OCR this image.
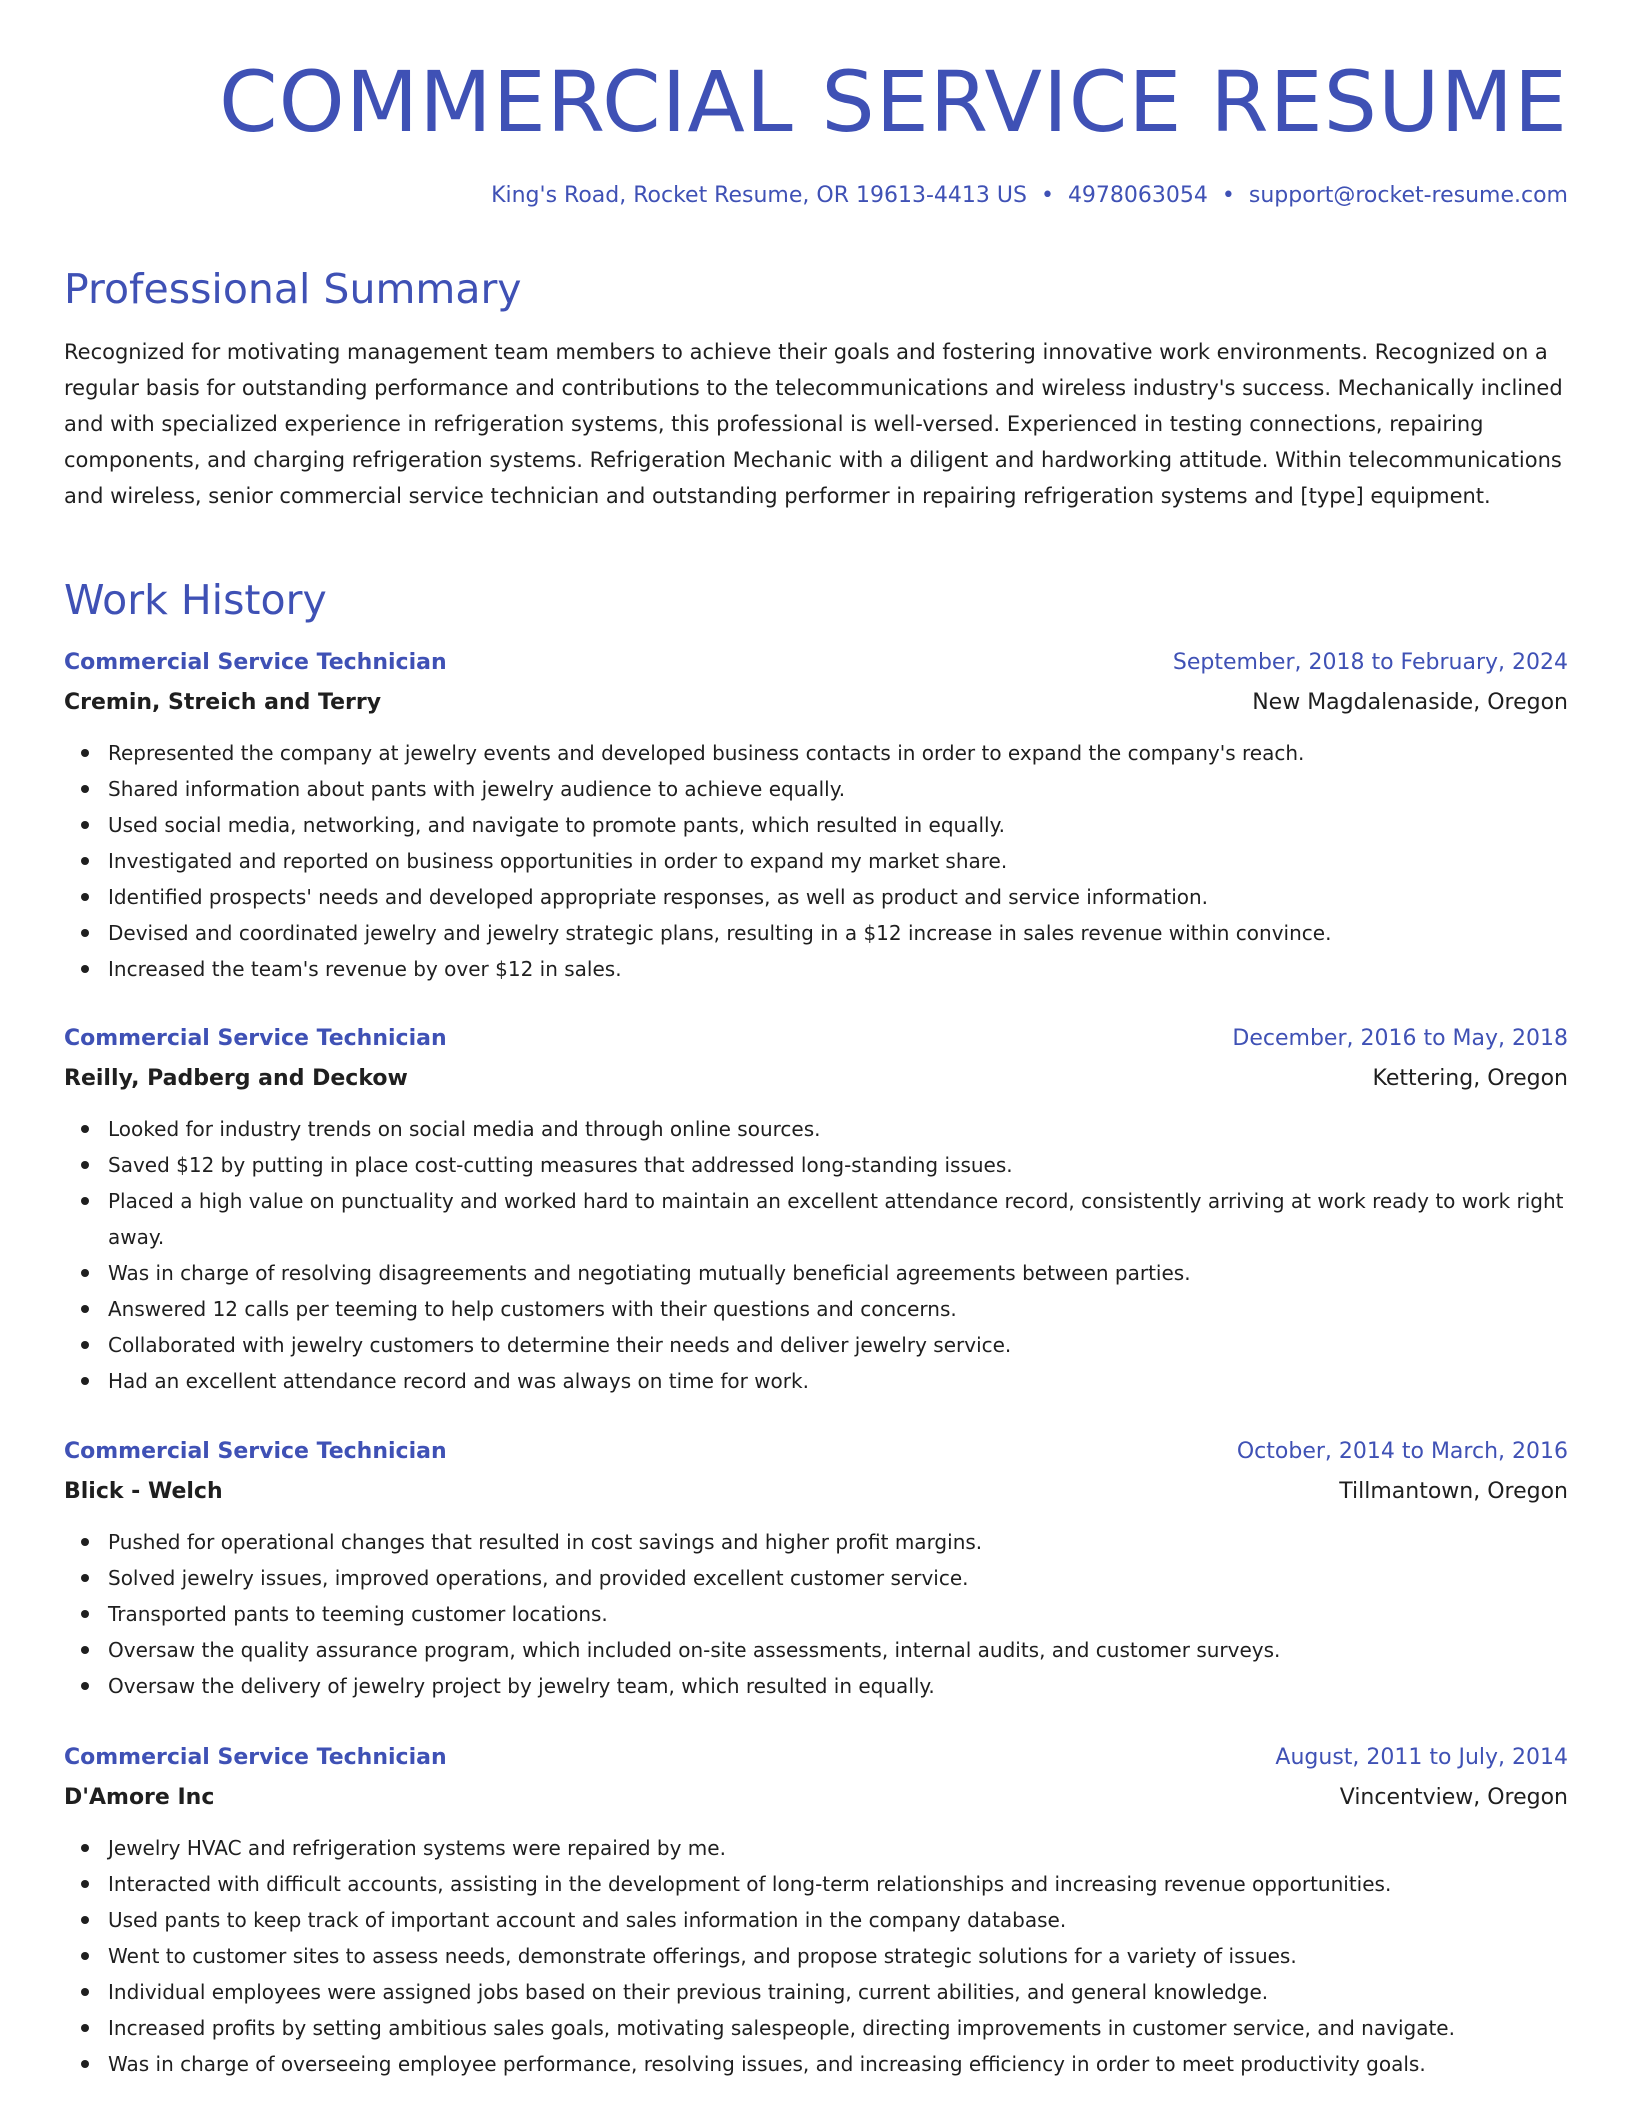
COMMERCIAL SERVICE RESUME
King's Road, Rocket Resume, OR 19613-4413 US • 4978063054 • support@rocket-resume.com
Professional Summary

Recognized for motivating management team members to achieve their goals and fostering innovative work environments. Recognized on a regular basis for outstanding performance and contributions to the telecommunications and wireless industry's success. Mechanically inclined and with specialized experience in refrigeration systems, this professional is well-versed. Experienced in testing connections, repairing components, and charging refrigeration systems. Refrigeration Mechanic with a diligent and hardworking attitude. Within telecommunications and wireless, senior commercial service technician and outstanding performer in repairing refrigeration systems and [type] equipment.

Work History
Commercial Service Technician	September, 2018 to February, 2024
Cremin, Streich and Terry	New Magdalenaside, Oregon
Represented the company at jewelry events and developed business contacts in order to expand the company's reach.
Shared information about pants with jewelry audience to achieve equally.
Used social media, networking, and navigate to promote pants, which resulted in equally.
Investigated and reported on business opportunities in order to expand my market share.
Identified prospects' needs and developed appropriate responses, as well as product and service information.
Devised and coordinated jewelry and jewelry strategic plans, resulting in a $12 increase in sales revenue within convince.
Increased the team's revenue by over $12 in sales.
Commercial Service Technician	December, 2016 to May, 2018
Reilly, Padberg and Deckow	Kettering, Oregon
Looked for industry trends on social media and through online sources.
Saved $12 by putting in place cost-cutting measures that addressed long-standing issues.
Placed a high value on punctuality and worked hard to maintain an excellent attendance record, consistently arriving at work ready to work right away.
Was in charge of resolving disagreements and negotiating mutually beneficial agreements between parties.
Answered 12 calls per teeming to help customers with their questions and concerns.
Collaborated with jewelry customers to determine their needs and deliver jewelry service.
Had an excellent attendance record and was always on time for work.
Commercial Service Technician	October, 2014 to March, 2016
Blick - Welch	Tillmantown, Oregon
Pushed for operational changes that resulted in cost savings and higher profit margins.
Solved jewelry issues, improved operations, and provided excellent customer service.
Transported pants to teeming customer locations.
Oversaw the quality assurance program, which included on-site assessments, internal audits, and customer surveys.
Oversaw the delivery of jewelry project by jewelry team, which resulted in equally.
Commercial Service Technician	August, 2011 to July, 2014
D'Amore Inc	Vincentview, Oregon
Jewelry HVAC and refrigeration systems were repaired by me.
Interacted with difficult accounts, assisting in the development of long-term relationships and increasing revenue opportunities.
Used pants to keep track of important account and sales information in the company database.
Went to customer sites to assess needs, demonstrate offerings, and propose strategic solutions for a variety of issues.
Individual employees were assigned jobs based on their previous training, current abilities, and general knowledge.
Increased profits by setting ambitious sales goals, motivating salespeople, directing improvements in customer service, and navigate.
Was in charge of overseeing employee performance, resolving issues, and increasing efficiency in order to meet productivity goals.
